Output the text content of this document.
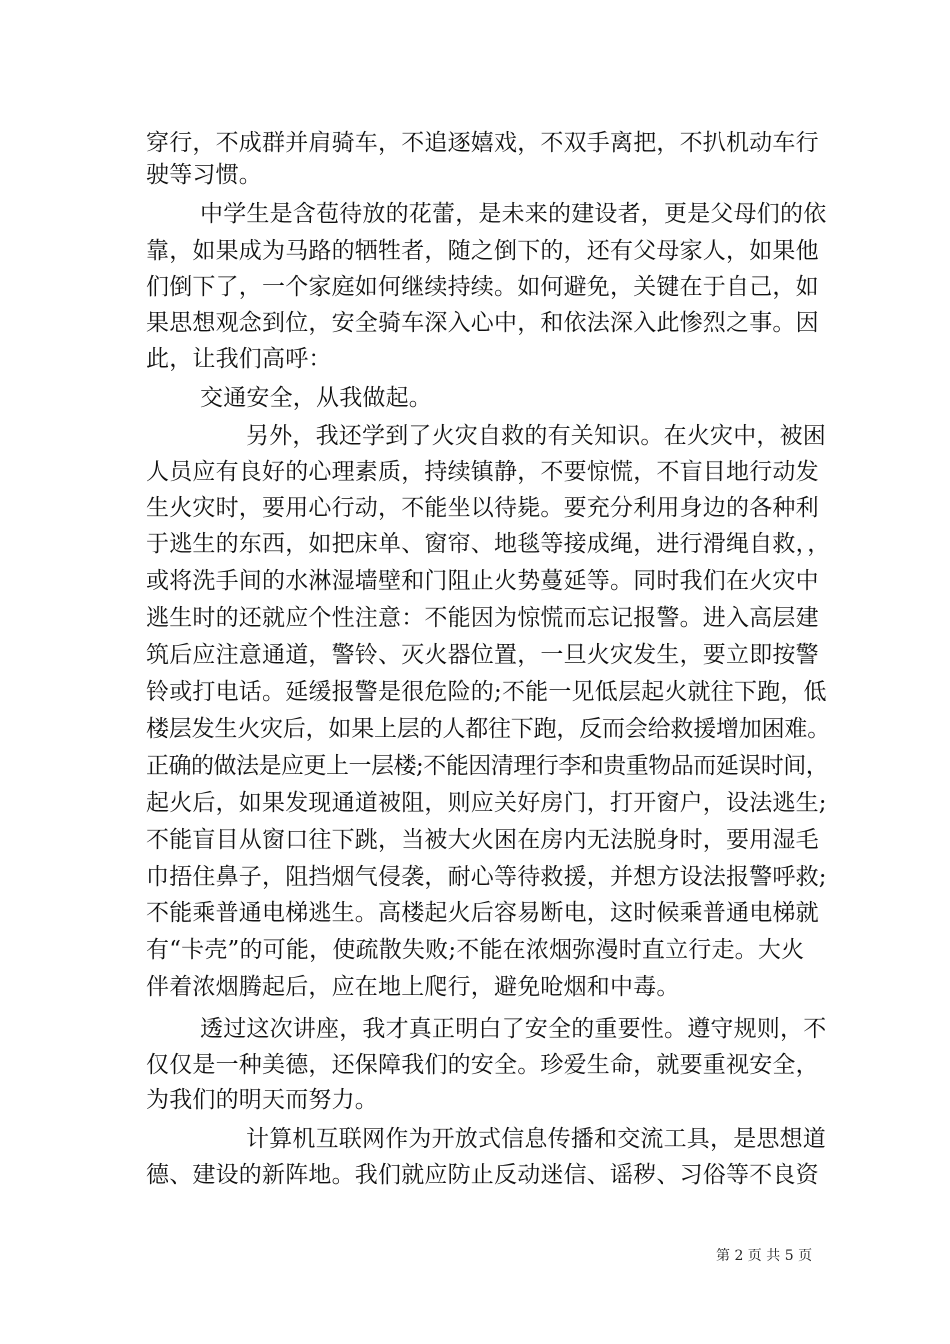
穿行，不成群并肩骑车，不追逐嬉戏，不双手离把，不扒机动车行
驶等习惯。
中学生是含苞待放的花蕾，是未来的建设者，更是父母们的依
靠，如果成为马路的牺牲者，随之倒下的，还有父母家人，如果他
们倒下了，一个家庭如何继续持续。如何避免，关键在于自己，如
果思想观念到位，安全骑车深入心中，和依法深入此惨烈之事。因
此，让我们高呼：
交通安全，从我做起。
另外，我还学到了火灾自救的有关知识。在火灾中，被困
人员应有良好的心理素质，持续镇静，不要惊慌，不盲目地行动发
生火灾时，要用心行动，不能坐以待毙。要充分利用身边的各种利
于逃生的东西，如把床单、窗帘、地毯等接成绳，进行滑绳自救，，
或将洗手间的水淋湿墙壁和门阻止火势蔓延等。同时我们在火灾中
逃生时的还就应个性注意：不能因为惊慌而忘记报警。进入高层建
筑后应注意通道，警铃、灭火器位置，一旦火灾发生，要立即按警
铃或打电话。延缓报警是很危险的;不能一见低层起火就往下跑，低
楼层发生火灾后，如果上层的人都往下跑，反而会给救援增加困难。
正确的做法是应更上一层楼;不能因清理行李和贵重物品而延误时间，
起火后，如果发现通道被阻，则应关好房门，打开窗户，设法逃生;
不能盲目从窗口往下跳，当被大火困在房内无法脱身时，要用湿毛
巾捂住鼻子，阻挡烟气侵袭，耐心等待救援，并想方设法报警呼救;
不能乘普通电梯逃生。高楼起火后容易断电，这时候乘普通电梯就
有“卡壳”的可能，使疏散失败;不能在浓烟弥漫时直立行走。大火
伴着浓烟腾起后，应在地上爬行，避免呛烟和中毒。
透过这次讲座，我才真正明白了安全的重要性。遵守规则，不
仅仅是一种美德，还保障我们的安全。珍爱生命，就要重视安全，
为我们的明天而努力。
计算机互联网作为开放式信息传播和交流工具，是思想道
德、建设的新阵地。我们就应防止反动迷信、谣秽、习俗等不良资
第 2 页 共 5 页
